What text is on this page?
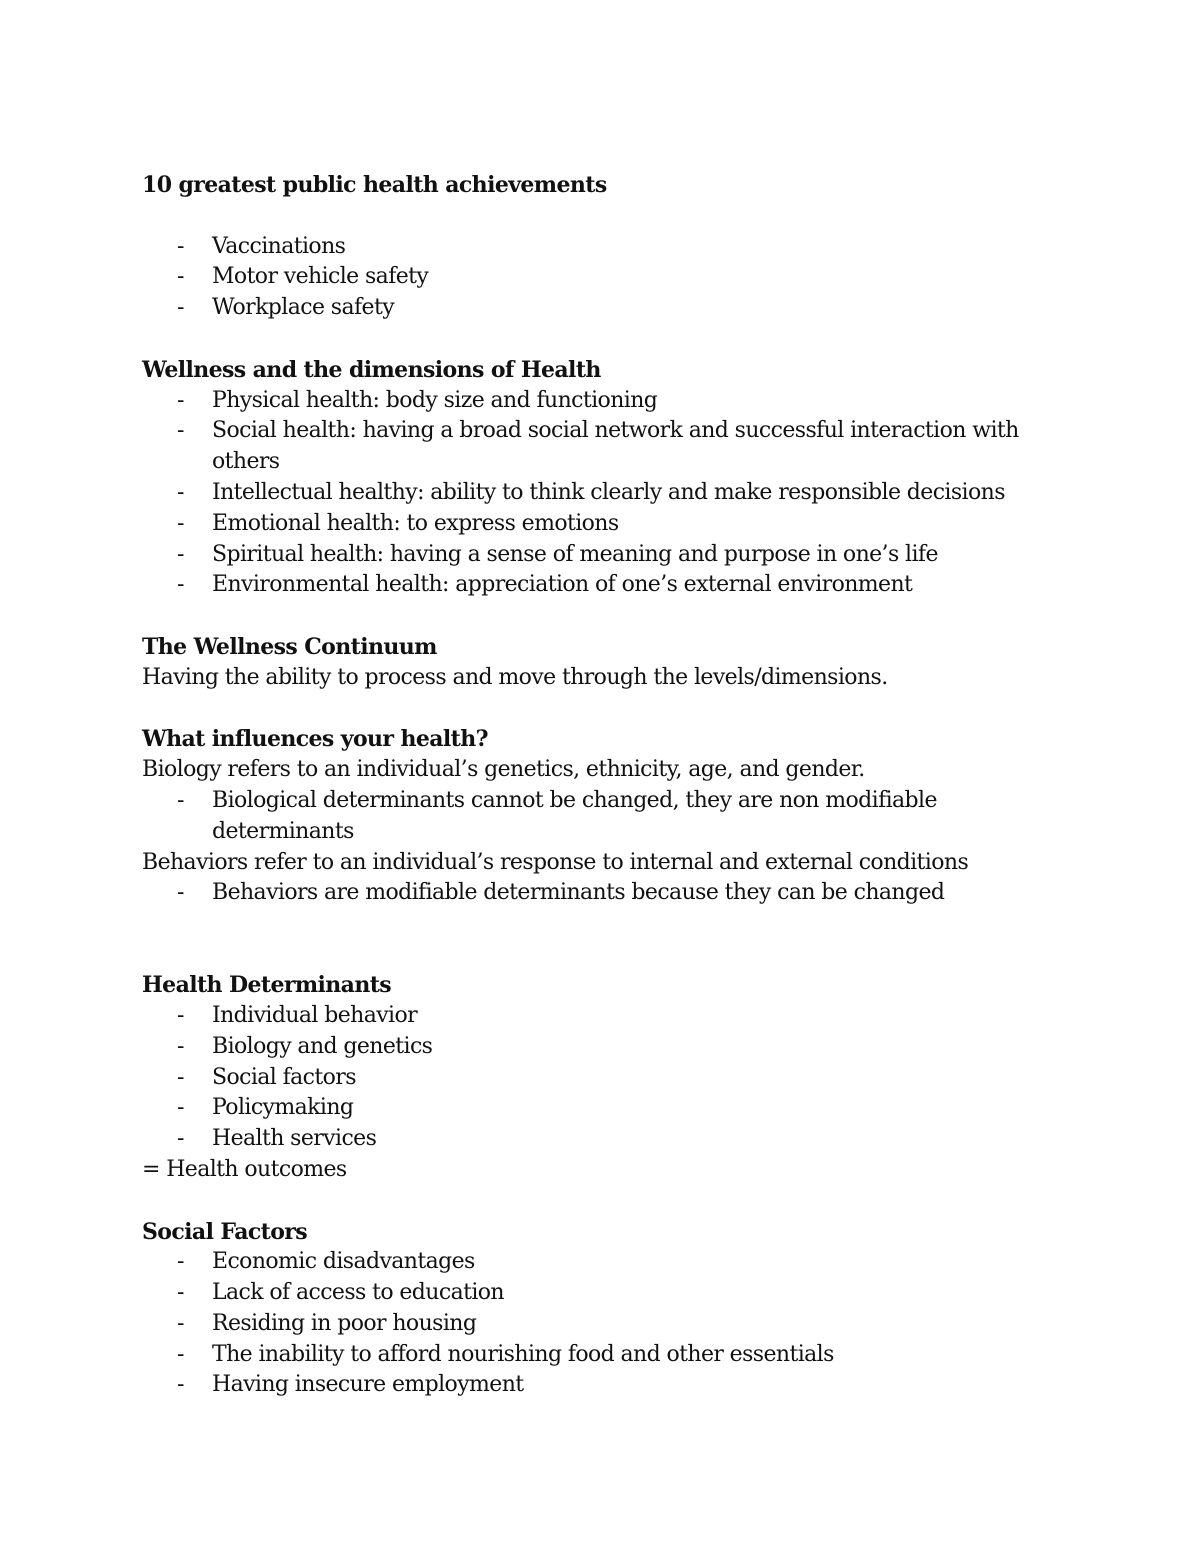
10 greatest public health achievements

- Vaccinations
- Motor vehicle safety
- Workplace safety

Wellness and the dimensions of Health

- Physical health: body size and functioning
- Social health: having a broad social network and successful interaction with others
- Intellectual healthy: ability to think clearly and make responsible decisions
- Emotional health: to express emotions
- Spiritual health: having a sense of meaning and purpose in one’s life
- Environmental health: appreciation of one’s external environment

The Wellness Continuum

Having the ability to process and move through the levels/dimensions.

What influences your health?

Biology refers to an individual’s genetics, ethnicity, age, and gender.

- Biological determinants cannot be changed, they are non modifiable determinants

Behaviors refer to an individual’s response to internal and external conditions

- Behaviors are modifiable determinants because they can be changed

Health Determinants

- Individual behavior
- Biology and genetics
- Social factors
- Policymaking
- Health services

= Health outcomes

Social Factors

- Economic disadvantages
- Lack of access to education
- Residing in poor housing
- The inability to afford nourishing food and other essentials
- Having insecure employment
